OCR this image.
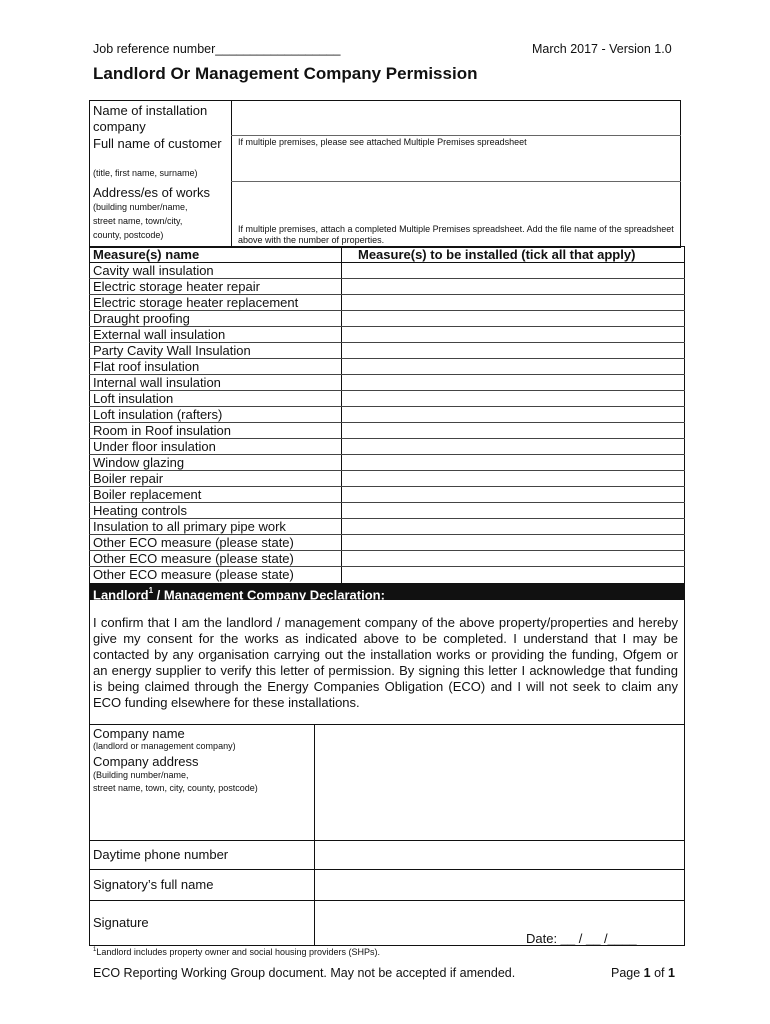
Job reference number__________________	March 2017 - Version 1.0
Landlord Or Management Company Permission
Name of installation company
Full name of customer
(title, first name, surname)
If multiple premises, please see attached Multiple Premises spreadsheet
Address/es of works
(building number/name,
street name, town/city,
county, postcode)
If multiple premises, attach a completed Multiple Premises spreadsheet. Add the file name of the spreadsheet above with the number of properties.
Measure(s) name	Measure(s) to be installed (tick all that apply)
Cavity wall insulation
Electric storage heater repair
Electric storage heater replacement
Draught proofing
External wall insulation
Party Cavity Wall Insulation
Flat roof insulation
Internal wall insulation
Loft insulation
Loft insulation (rafters)
Room in Roof insulation
Under floor insulation
Window glazing
Boiler repair
Boiler replacement
Heating controls
Insulation to all primary pipe work
Other ECO measure (please state)
Other ECO measure (please state)
Other ECO measure (please state)
Landlord$^1$ / Management Company Declaration:
I confirm that I am the landlord / management company of the above property/properties and hereby give my consent for the works as indicated above to be completed. I understand that I may be contacted by any organisation carrying out the installation works or providing the funding, Ofgem or an energy supplier to verify this letter of permission. By signing this letter I acknowledge that funding is being claimed through the Energy Companies Obligation (ECO) and I will not seek to claim any ECO funding elsewhere for these installations.
Company name
(landlord or management company)
Company address
(Building number/name,
street name, town, city, county, postcode)
Daytime phone number
Signatory’s full name
Signature
Date: __ / __ /____
$^1$Landlord includes property owner and social housing providers (SHPs).
ECO Reporting Working Group document. May not be accepted if amended.	Page 1 of 1
